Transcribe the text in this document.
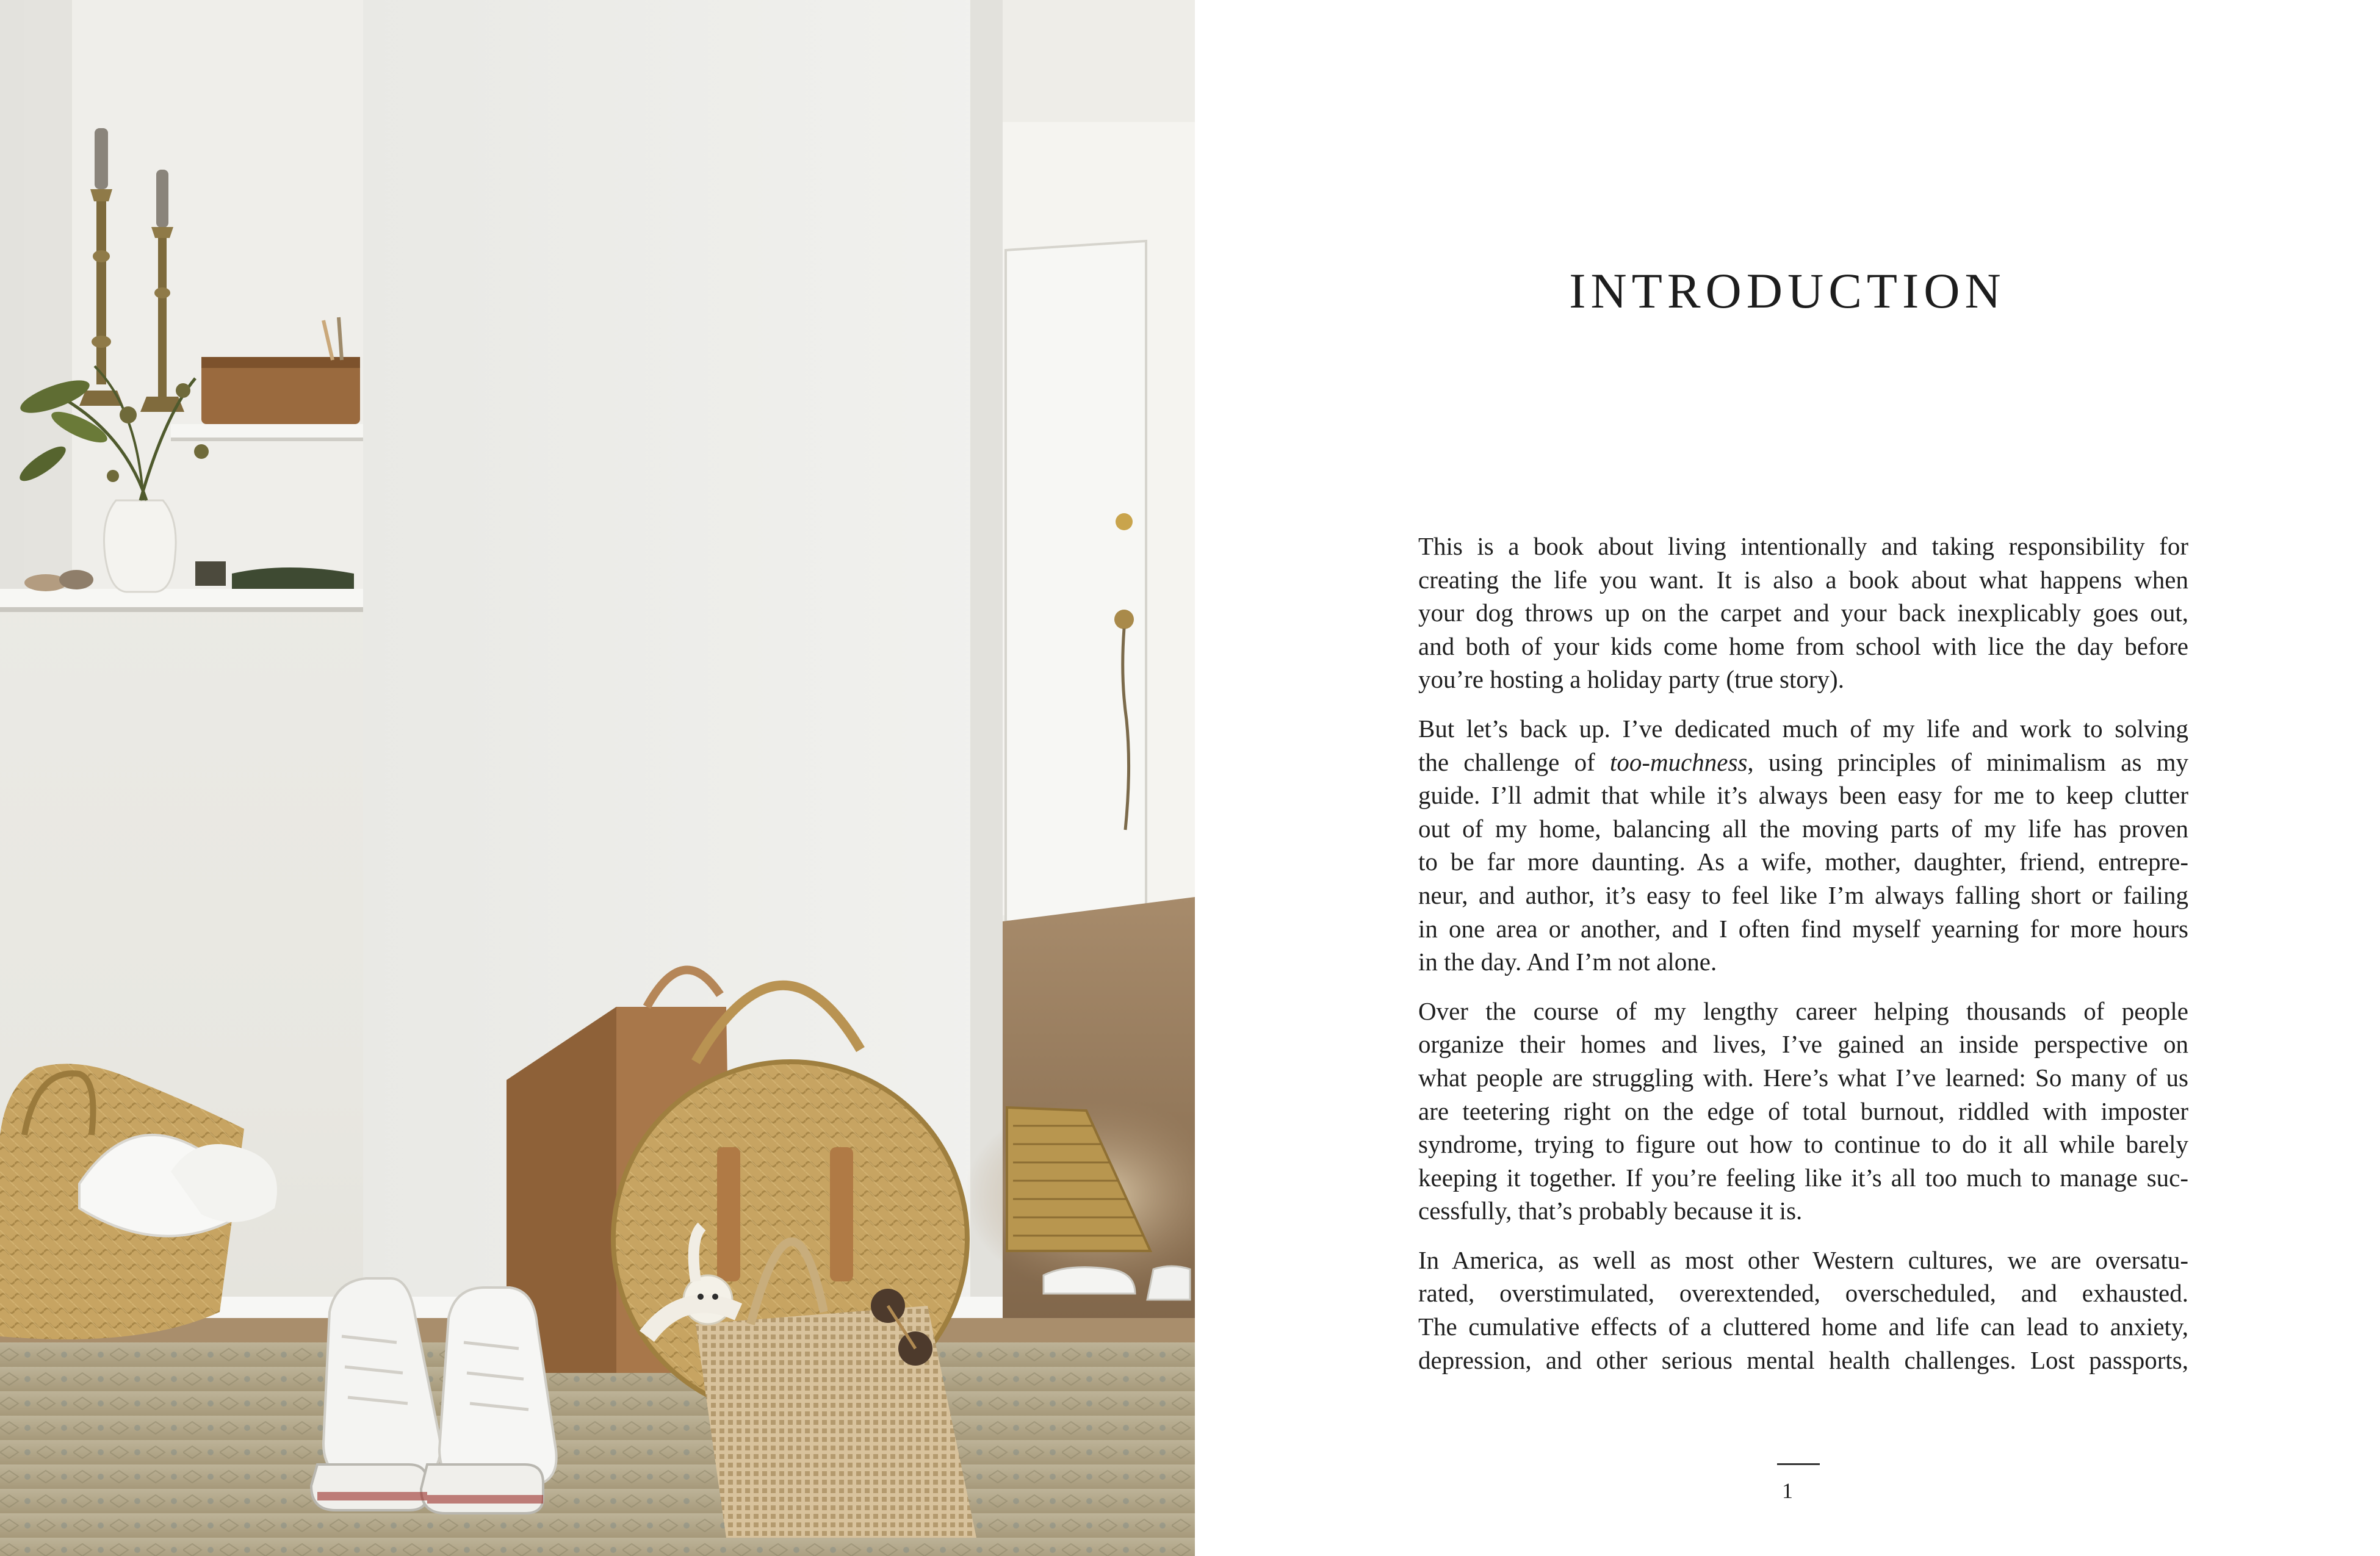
INTRODUCTION

This is a book about living intentionally and taking responsibility for
creating the life you want. It is also a book about what happens when
your dog throws up on the carpet and your back inexplicably goes out,
and both of your kids come home from school with lice the day before
you’re hosting a holiday party (true story).

But let’s back up. I’ve dedicated much of my life and work to solving
the challenge of too-muchness, using principles of minimalism as my
guide. I’ll admit that while it’s always been easy for me to keep clutter
out of my home, balancing all the moving parts of my life has proven
to be far more daunting. As a wife, mother, daughter, friend, entrepre-
neur, and author, it’s easy to feel like I’m always falling short or failing
in one area or another, and I often find myself yearning for more hours
in the day. And I’m not alone.

Over the course of my lengthy career helping thousands of people
organize their homes and lives, I’ve gained an inside perspective on
what people are struggling with. Here’s what I’ve learned: So many of us
are teetering right on the edge of total burnout, riddled with imposter
syndrome, trying to figure out how to continue to do it all while barely
keeping it together. If you’re feeling like it’s all too much to manage suc-
cessfully, that’s probably because it is.

In America, as well as most other Western cultures, we are oversatu-
rated, overstimulated, overextended, overscheduled, and exhausted.
The cumulative effects of a cluttered home and life can lead to anxiety,
depression, and other serious mental health challenges. Lost passports,

1
